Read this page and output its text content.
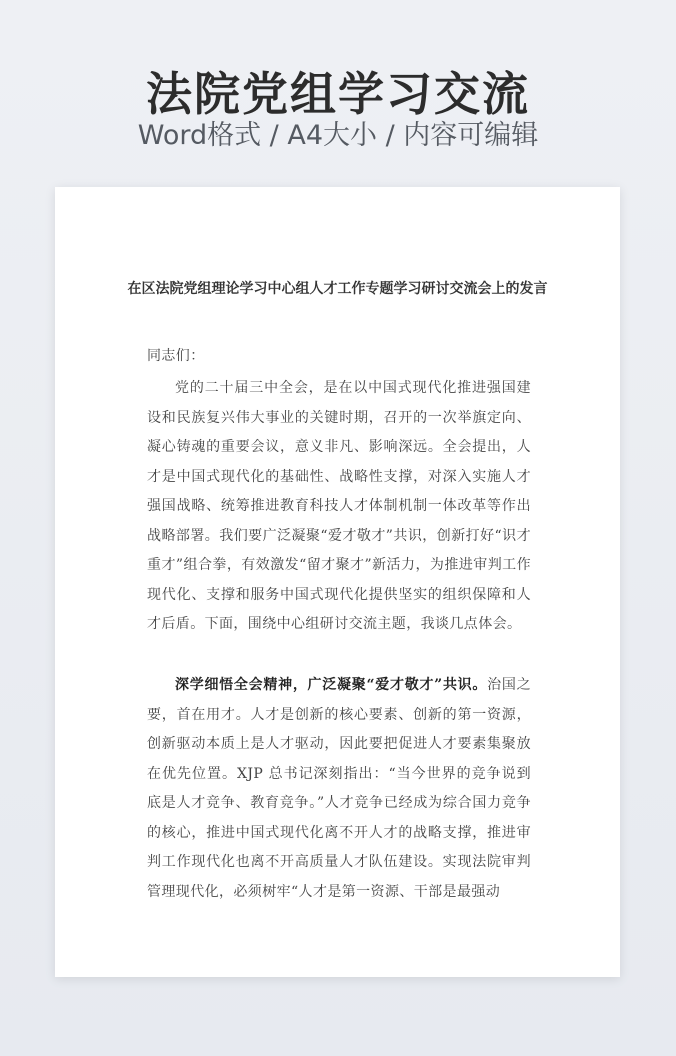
法院党组学习交流
Word格式 / A4大小 / 内容可编辑
在区法院党组理论学习中心组人才工作专题学习研讨交流会上的发言
同志们：
党的二十届三中全会，是在以中国式现代化推进强国建设和民族复兴伟大事业的关键时期，召开的一次举旗定向、凝心铸魂的重要会议，意义非凡、影响深远。全会提出，人才是中国式现代化的基础性、战略性支撑，对深入实施人才强国战略、统筹推进教育科技人才体制机制一体改革等作出战略部署。我们要广泛凝聚“爱才敬才”共识，创新打好“识才重才”组合拳，有效激发“留才聚才”新活力，为推进审判工作现代化、支撑和服务中国式现代化提供坚实的组织保障和人才后盾。下面，围绕中心组研讨交流主题，我谈几点体会。
深学细悟全会精神，广泛凝聚“爱才敬才”共识。治国之要，首在用才。人才是创新的核心要素、创新的第一资源，创新驱动本质上是人才驱动，因此要把促进人才要素集聚放在优先位置。XJP 总书记深刻指出：“当今世界的竞争说到底是人才竞争、教育竞争。”人才竞争已经成为综合国力竞争的核心，推进中国式现代化离不开人才的战略支撑，推进审判工作现代化也离不开高质量人才队伍建设。实现法院审判管理现代化，必须树牢“人才是第一资源、干部是最强动
